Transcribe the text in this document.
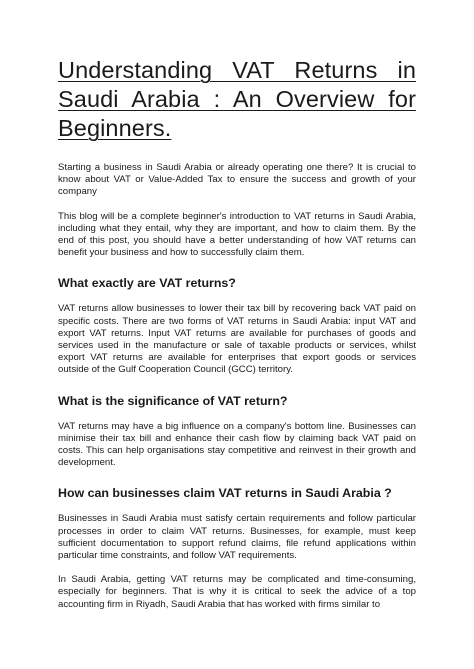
Understanding VAT Returns in Saudi Arabia : An Overview for Beginners.

Starting a business in Saudi Arabia or already operating one there? It is crucial to know about VAT or Value-Added Tax to ensure the success and growth of your company

This blog will be a complete beginner's introduction to VAT returns in Saudi Arabia, including what they entail, why they are important, and how to claim them. By the end of this post, you should have a better understanding of how VAT returns can benefit your business and how to successfully claim them.

What exactly are VAT returns?

VAT returns allow businesses to lower their tax bill by recovering back VAT paid on specific costs. There are two forms of VAT returns in Saudi Arabia: input VAT and export VAT returns. Input VAT returns are available for purchases of goods and services used in the manufacture or sale of taxable products or services, whilst export VAT returns are available for enterprises that export goods or services outside of the Gulf Cooperation Council (GCC) territory.

What is the significance of VAT return?

VAT returns may have a big influence on a company's bottom line. Businesses can minimise their tax bill and enhance their cash flow by claiming back VAT paid on costs. This can help organisations stay competitive and reinvest in their growth and development.

How can businesses claim VAT returns in Saudi Arabia ?

Businesses in Saudi Arabia must satisfy certain requirements and follow particular processes in order to claim VAT returns. Businesses, for example, must keep sufficient documentation to support refund claims, file refund applications within particular time constraints, and follow VAT requirements.

In Saudi Arabia, getting VAT returns may be complicated and time-consuming, especially for beginners. That is why it is critical to seek the advice of a top accounting firm in Riyadh, Saudi Arabia that has worked with firms similar to
